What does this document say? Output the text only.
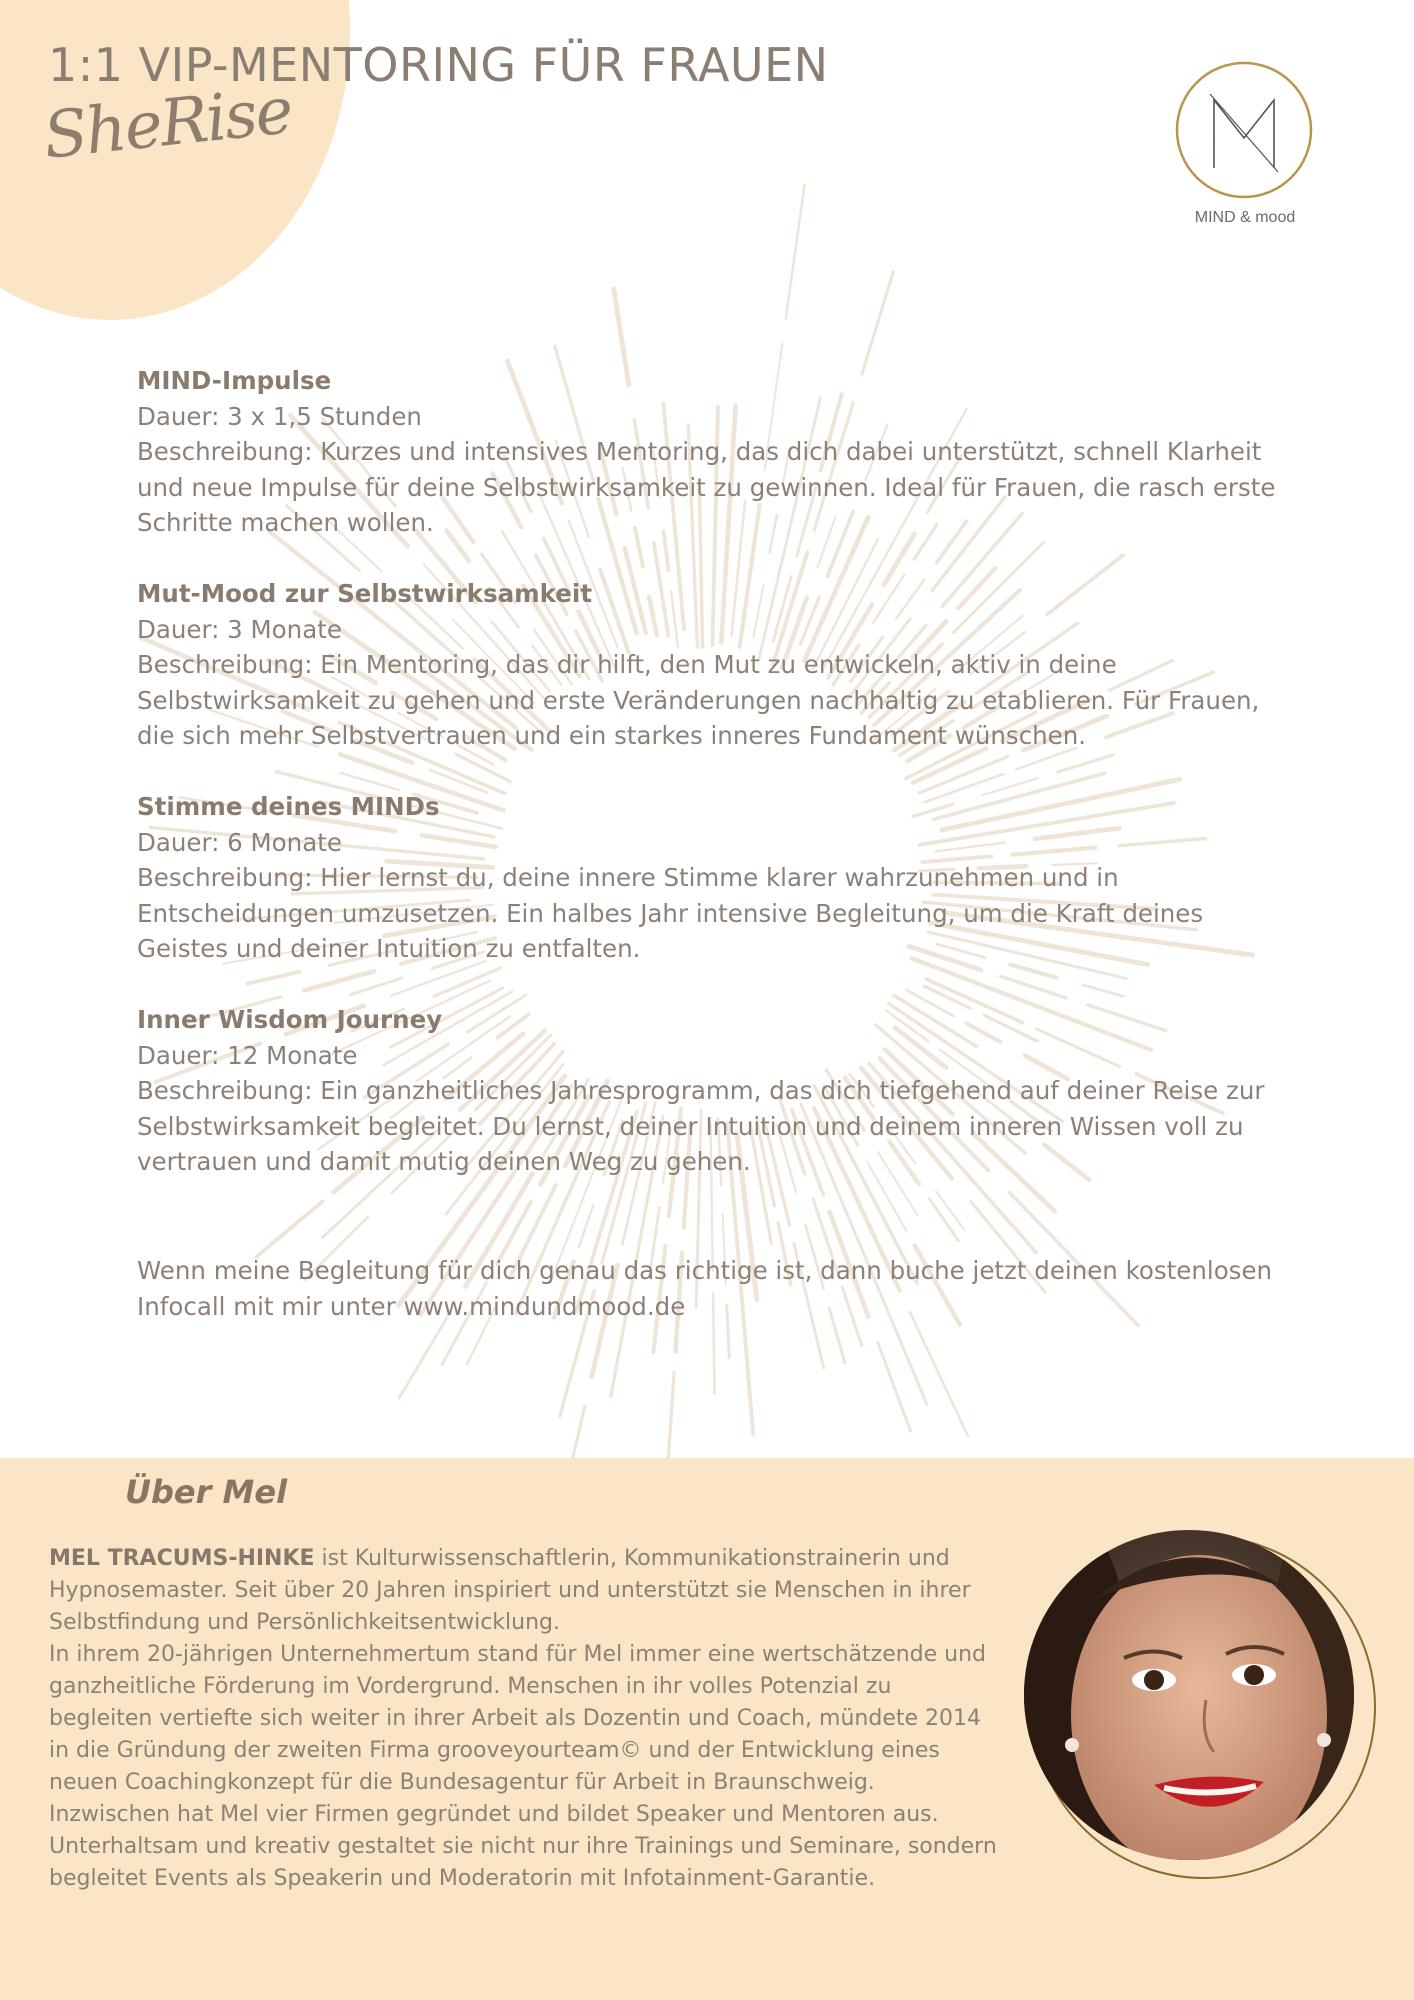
1:1 VIP-MENTORING FÜR FRAUEN
SheRise
MIND & mood
MIND-Impulse
Dauer: 3 x 1,5 Stunden
Beschreibung: Kurzes und intensives Mentoring, das dich dabei unterstützt, schnell Klarheit und neue Impulse für deine Selbstwirksamkeit zu gewinnen. Ideal für Frauen, die rasch erste Schritte machen wollen.
Mut-Mood zur Selbstwirksamkeit
Dauer: 3 Monate
Beschreibung: Ein Mentoring, das dir hilft, den Mut zu entwickeln, aktiv in deine Selbstwirksamkeit zu gehen und erste Veränderungen nachhaltig zu etablieren. Für Frauen, die sich mehr Selbstvertrauen und ein starkes inneres Fundament wünschen.
Stimme deines MINDs
Dauer: 6 Monate
Beschreibung: Hier lernst du, deine innere Stimme klarer wahrzunehmen und in Entscheidungen umzusetzen. Ein halbes Jahr intensive Begleitung, um die Kraft deines Geistes und deiner Intuition zu entfalten.
Inner Wisdom Journey
Dauer: 12 Monate
Beschreibung: Ein ganzheitliches Jahresprogramm, das dich tiefgehend auf deiner Reise zur Selbstwirksamkeit begleitet. Du lernst, deiner Intuition und deinem inneren Wissen voll zu vertrauen und damit mutig deinen Weg zu gehen.

Wenn meine Begleitung für dich genau das richtige ist, dann buche jetzt deinen kostenlosen Infocall mit mir unter www.mindundmood.de

Über Mel
MEL TRACUMS-HINKE ist Kulturwissenschaftlerin, Kommunikationstrainerin und Hypnosemaster. Seit über 20 Jahren inspiriert und unterstützt sie Menschen in ihrer Selbstfindung und Persönlichkeitsentwicklung.
In ihrem 20-jährigen Unternehmertum stand für Mel immer eine wertschätzende und ganzheitliche Förderung im Vordergrund. Menschen in ihr volles Potenzial zu begleiten vertiefte sich weiter in ihrer Arbeit als Dozentin und Coach, mündete 2014 in die Gründung der zweiten Firma grooveyourteam© und der Entwicklung eines neuen Coachingkonzept für die Bundesagentur für Arbeit in Braunschweig. Inzwischen hat Mel vier Firmen gegründet und bildet Speaker und Mentoren aus. Unterhaltsam und kreativ gestaltet sie nicht nur ihre Trainings und Seminare, sondern begleitet Events als Speakerin und Moderatorin mit Infotainment-Garantie.
